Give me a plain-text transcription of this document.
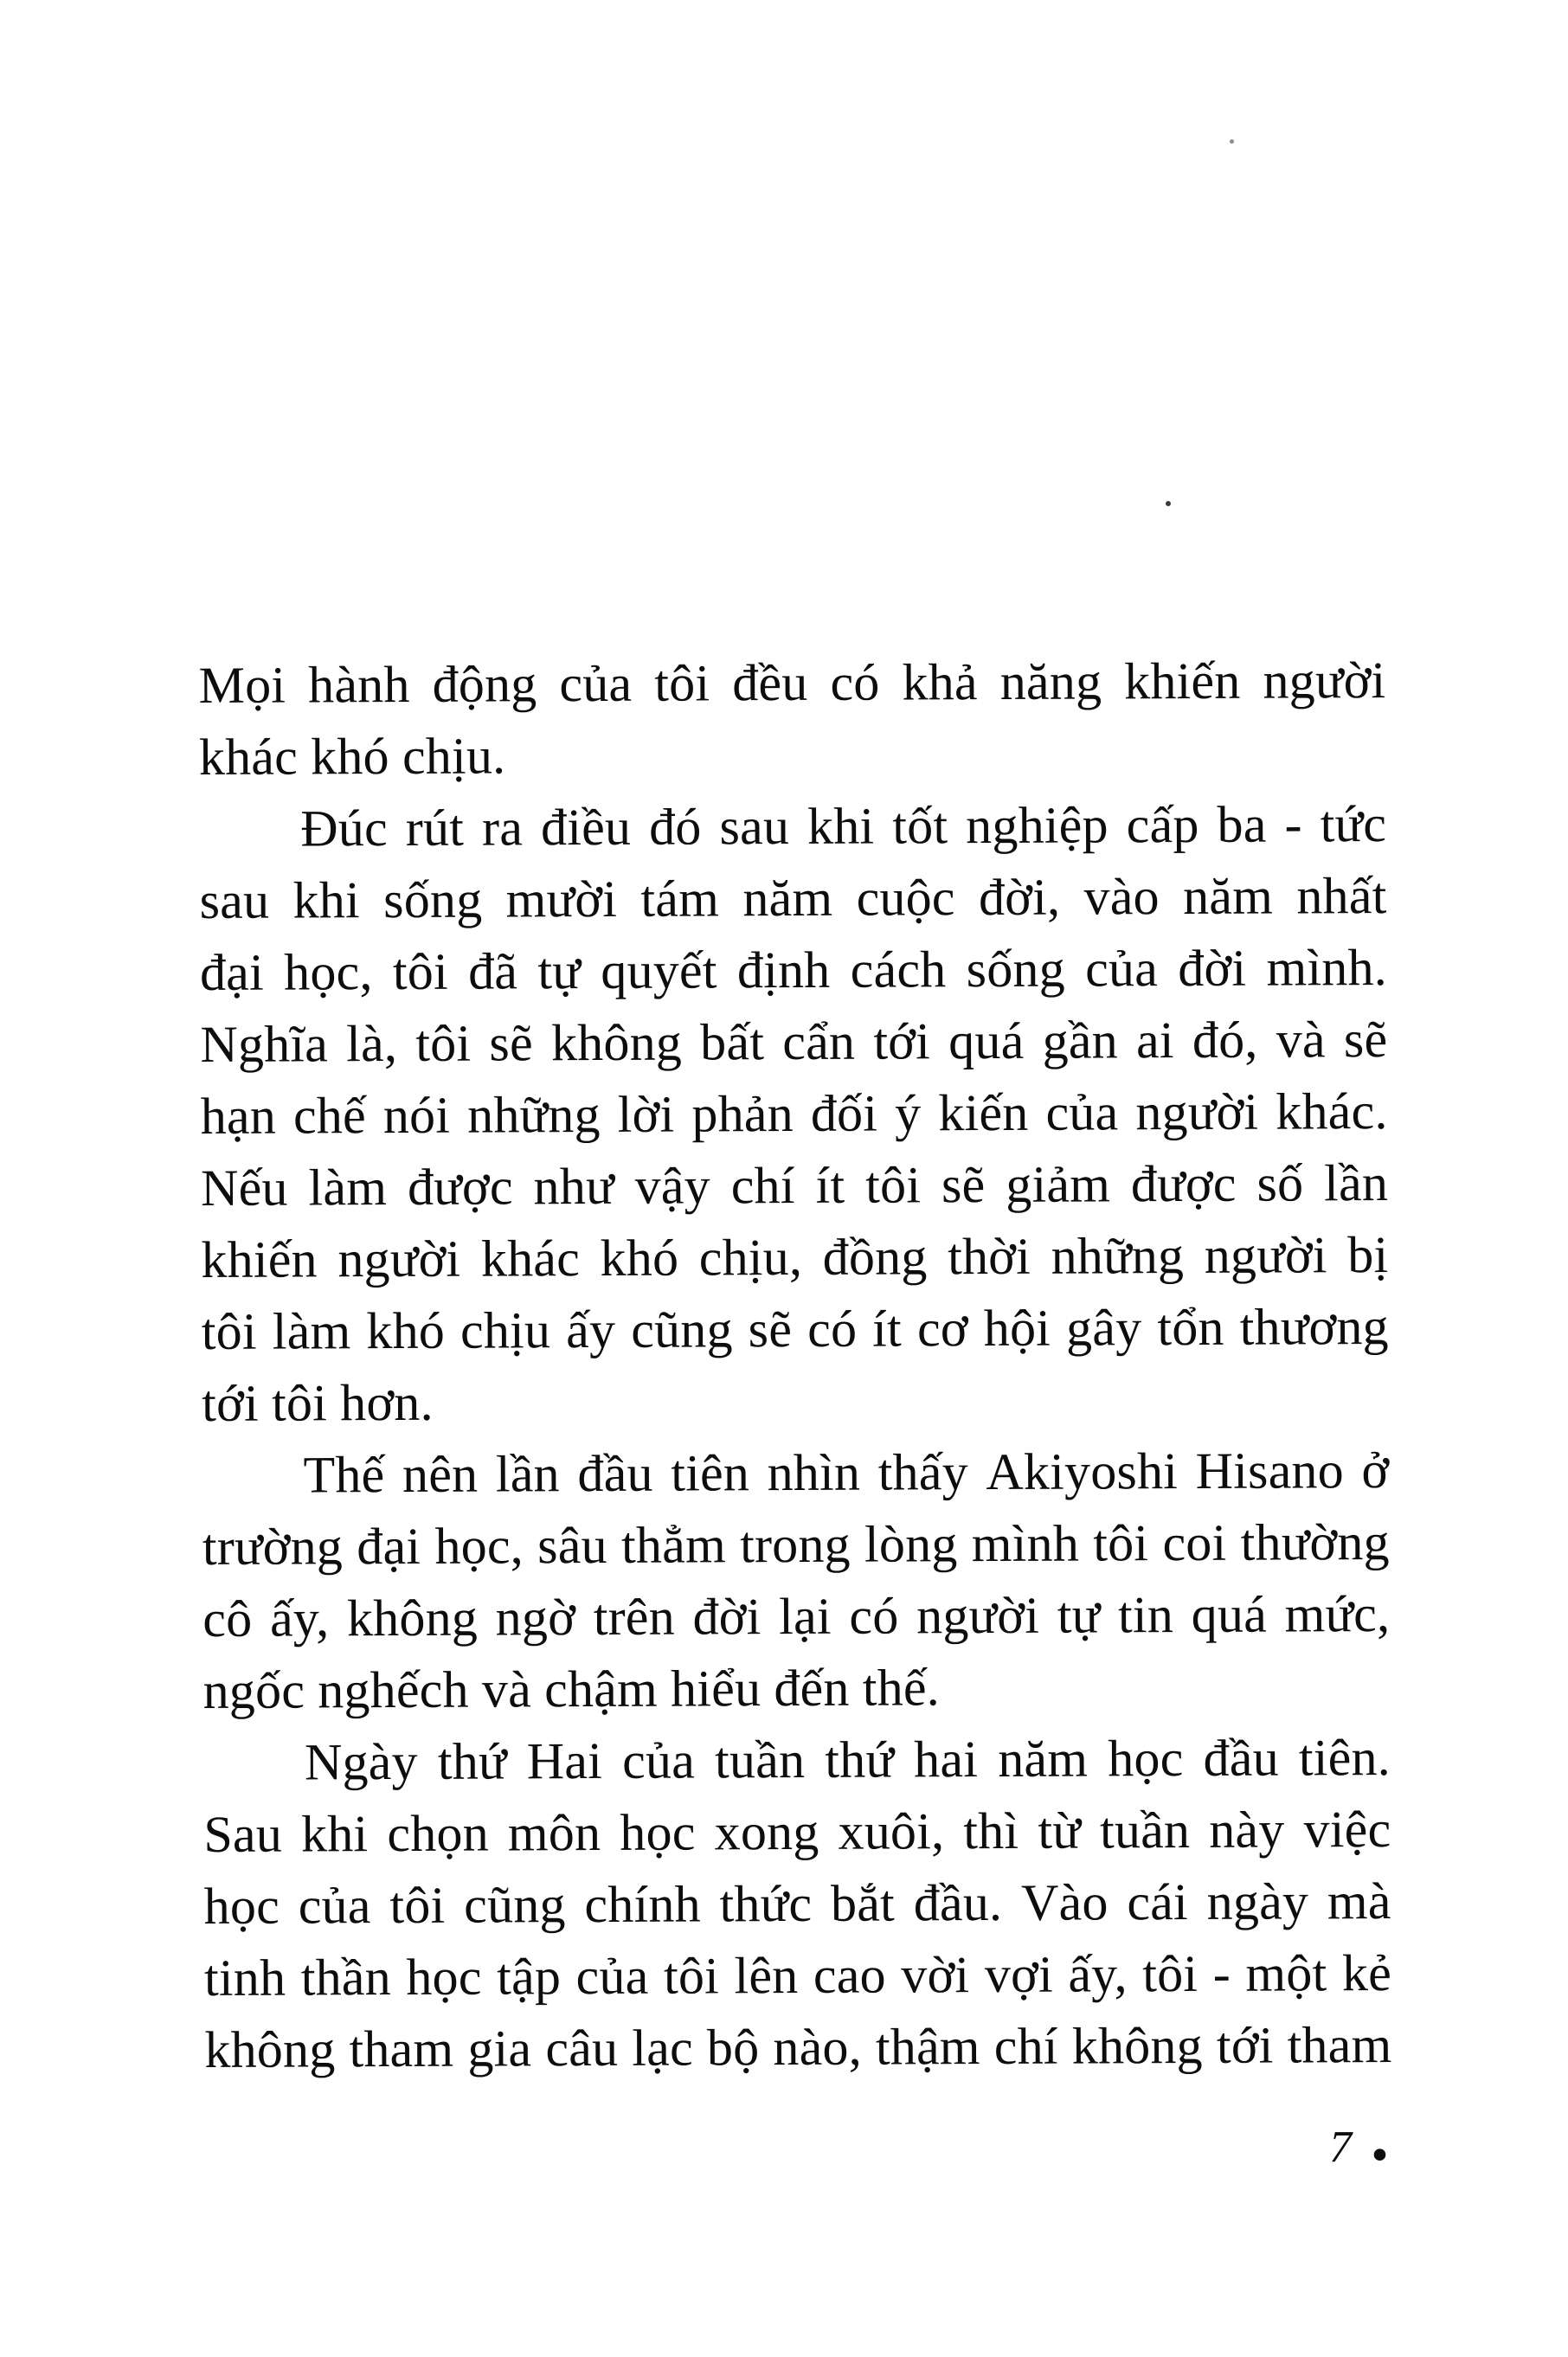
Mọi hành động của tôi đều có khả năng khiến người
khác khó chịu.
Đúc rút ra điều đó sau khi tốt nghiệp cấp ba - tức
sau khi sống mười tám năm cuộc đời, vào năm nhất
đại học, tôi đã tự quyết định cách sống của đời mình.
Nghĩa là, tôi sẽ không bất cẩn tới quá gần ai đó, và sẽ
hạn chế nói những lời phản đối ý kiến của người khác.
Nếu làm được như vậy chí ít tôi sẽ giảm được số lần
khiến người khác khó chịu, đồng thời những người bị
tôi làm khó chịu ấy cũng sẽ có ít cơ hội gây tổn thương
tới tôi hơn.
Thế nên lần đầu tiên nhìn thấy Akiyoshi Hisano ở
trường đại học, sâu thẳm trong lòng mình tôi coi thường
cô ấy, không ngờ trên đời lại có người tự tin quá mức,
ngốc nghếch và chậm hiểu đến thế.
Ngày thứ Hai của tuần thứ hai năm học đầu tiên.
Sau khi chọn môn học xong xuôi, thì từ tuần này việc
học của tôi cũng chính thức bắt đầu. Vào cái ngày mà
tinh thần học tập của tôi lên cao vời vợi ấy, tôi - một kẻ
không tham gia câu lạc bộ nào, thậm chí không tới tham
7 .
